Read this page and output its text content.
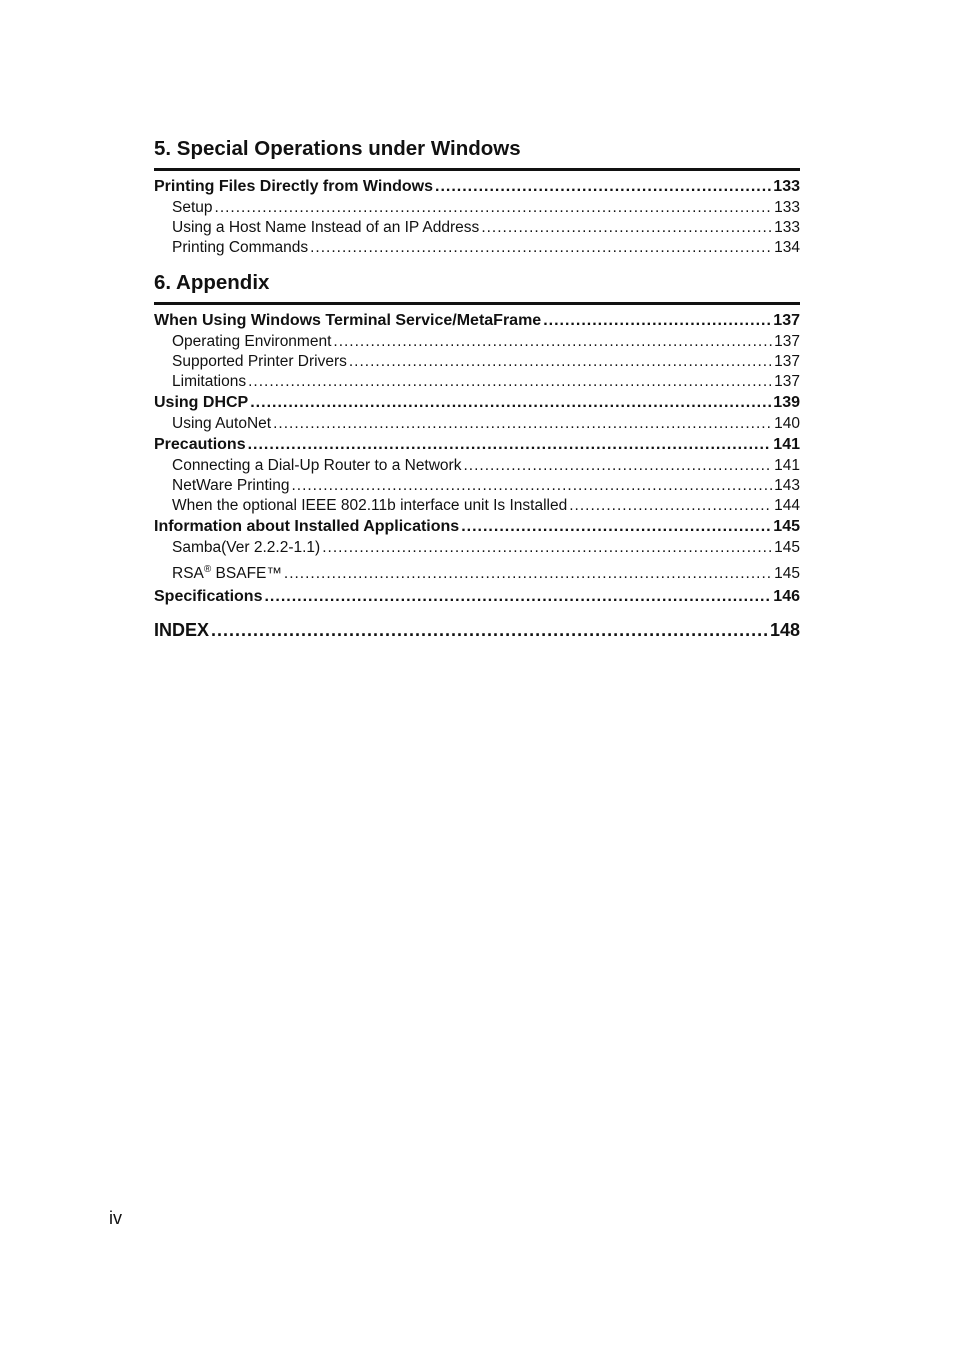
5. Special Operations under Windows
Printing Files Directly from Windows .....	133
Setup .....	133
Using a Host Name Instead of an IP Address .....	133
Printing Commands .....	134
6. Appendix
When Using Windows Terminal Service/MetaFrame .....	137
Operating Environment .....	137
Supported Printer Drivers .....	137
Limitations .....	137
Using DHCP .....	139
Using AutoNet .....	140
Precautions .....	141
Connecting a Dial-Up Router to a Network .....	141
NetWare Printing .....	143
When the optional IEEE 802.11b interface unit Is Installed .....	144
Information about Installed Applications .....	145
Samba(Ver 2.2.2-1.1) .....	145
RSA® BSAFE™ .....	145
Specifications .....	146
INDEX .....	148
iv
